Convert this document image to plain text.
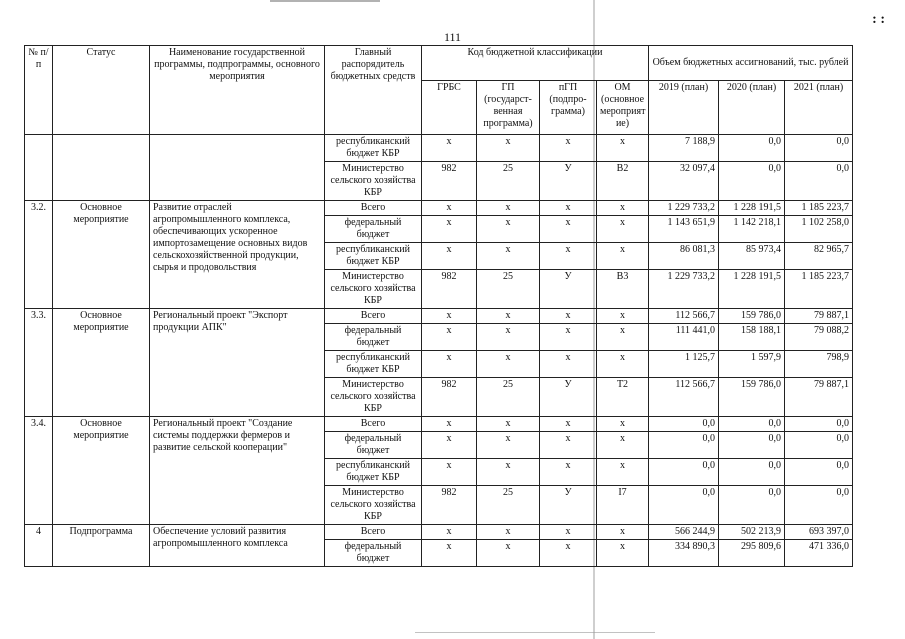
: :
111
№ п/п	Статус	Наименование государственной программы, подпрограммы, основного мероприятия	Главный распорядитель бюджетных средств	Код бюджетной классификации				Объем бюджетных ассигнований, тыс. рублей		
				ГРБС	ГП (государст-венная программа)	пГП (подпро-грамма)	ОМ (основное мероприят ие)	2019 (план)	2020 (план)	2021 (план)
			республиканский бюджет КБР	х	х	х	х	7 188,9	0,0	0,0
			Министерство сельского хозяйства КБР	982	25	У	В2	32 097,4	0,0	0,0
3.2.	Основное мероприятие	Развитие отраслей агропромышленного комплекса, обеспечивающих ускоренное импортозамещение основных видов сельскохозяйственной продукции, сырья и продовольствия	Всего	х	х	х	х	1 229 733,2	1 228 191,5	1 185 223,7
			федеральный бюджет	х	х	х	х	1 143 651,9	1 142 218,1	1 102 258,0
			республиканский бюджет КБР	х	х	х	х	86 081,3	85 973,4	82 965,7
			Министерство сельского хозяйства КБР	982	25	У	В3	1 229 733,2	1 228 191,5	1 185 223,7
3.3.	Основное мероприятие	Региональный проект "Экспорт продукции АПК"	Всего	х	х	х	х	112 566,7	159 786,0	79 887,1
			федеральный бюджет	х	х	х	х	111 441,0	158 188,1	79 088,2
			республиканский бюджет КБР	х	х	х	х	1 125,7	1 597,9	798,9
			Министерство сельского хозяйства КБР	982	25	У	Т2	112 566,7	159 786,0	79 887,1
3.4.	Основное мероприятие	Региональный проект "Создание системы поддержки фермеров и развитие сельской кооперации"	Всего	х	х	х	х	0,0	0,0	0,0
			федеральный бюджет	х	х	х	х	0,0	0,0	0,0
			республиканский бюджет КБР	х	х	х	х	0,0	0,0	0,0
			Министерство сельского хозяйства КБР	982	25	У	I7	0,0	0,0	0,0
4	Подпрограмма	Обеспечение условий развития агропромышленного комплекса	Всего	х	х	х	х	566 244,9	502 213,9	693 397,0
			федеральный бюджет	х	х	х	х	334 890,3	295 809,6	471 336,0
